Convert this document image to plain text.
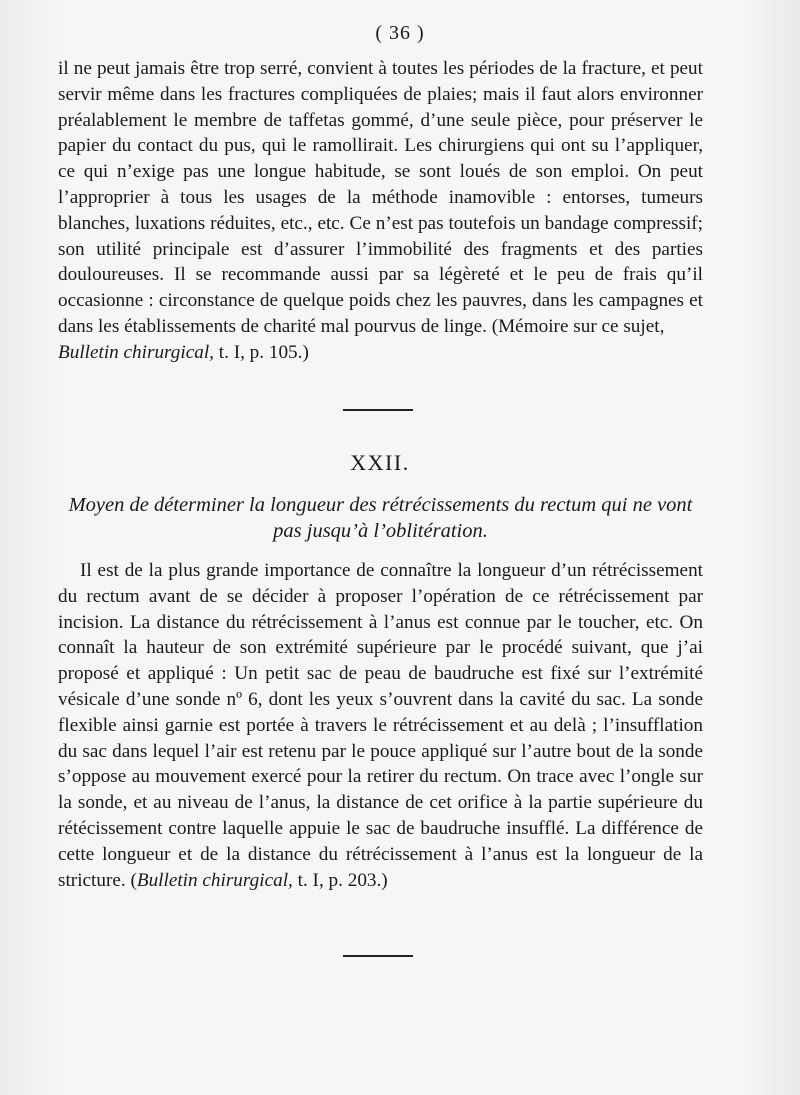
( 36 )

il ne peut jamais être trop serré, convient à toutes les périodes de la fracture, et peut servir même dans les fractures compliquées de plaies; mais il faut alors environner préalablement le membre de taffetas gommé, d’une seule pièce, pour préserver le papier du contact du pus, qui le ramollirait. Les chirurgiens qui ont su l’appliquer, ce qui n’exige pas une longue habitude, se sont loués de son emploi. On peut l’approprier à tous les usages de la méthode inamovible : entorses, tumeurs blanches, luxations réduites, etc., etc. Ce n’est pas toutefois un bandage compressif; son utilité principale est d’assurer l’immobilité des fragments et des parties douloureuses. Il se recommande aussi par sa légèreté et le peu de frais qu’il occasionne : circonstance de quelque poids chez les pauvres, dans les campagnes et dans les établissements de charité mal pourvus de linge. (Mémoire sur ce sujet,
Bulletin chirurgical, t. I, p. 105.)

XXII.
Moyen de déterminer la longueur des rétrécissements du rectum qui ne vont pas jusqu’à l’oblitération.

Il est de la plus grande importance de connaître la longueur d’un rétrécissement du rectum avant de se décider à proposer l’opération de ce rétrécissement par incision. La distance du rétrécissement à l’anus est connue par le toucher, etc. On connaît la hauteur de son extrémité supérieure par le procédé suivant, que j’ai proposé et appliqué : Un petit sac de peau de baudruche est fixé sur l’extrémité vésicale d’une sonde nº 6, dont les yeux s’ouvrent dans la cavité du sac. La sonde flexible ainsi garnie est portée à travers le rétrécissement et au delà ; l’insufflation du sac dans lequel l’air est retenu par le pouce appliqué sur l’autre bout de la sonde s’oppose au mouvement exercé pour la retirer du rectum. On trace avec l’ongle sur la sonde, et au niveau de l’anus, la distance de cet orifice à la partie supérieure du rétécissement contre laquelle appuie le sac de baudruche insufflé. La différence de cette longueur et de la distance du rétrécissement à l’anus est la longueur de la stricture. (Bulletin chirurgical, t. I, p. 203.)
